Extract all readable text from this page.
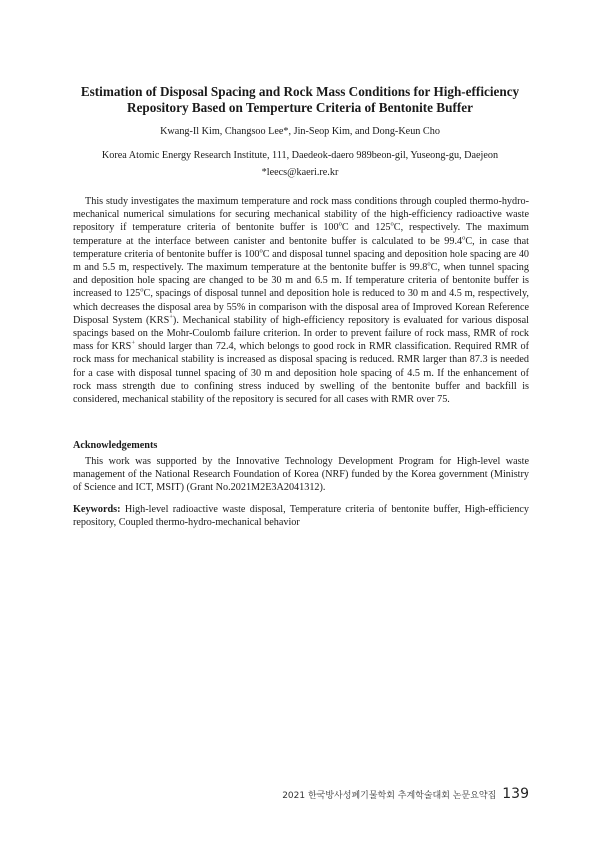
Estimation of Disposal Spacing and Rock Mass Conditions for High-efficiency
Repository Based on Temperture Criteria of Bentonite Buffer
Kwang-Il Kim, Changsoo Lee*, Jin-Seop Kim, and Dong-Keun Cho
Korea Atomic Energy Research Institute, 111, Daedeok-daero 989beon-gil, Yuseong-gu, Daejeon
*leecs@kaeri.re.kr
This study investigates the maximum temperature and rock mass conditions through coupled thermo-hydro-mechanical numerical simulations for securing mechanical stability of the high-efficiency radioactive waste repository if temperature criteria of bentonite buffer is 100$^o$C and 125$^o$C, respectively. The maximum temperature at the interface between canister and bentonite buffer is calculated to be 99.4$^o$C, in case that temperature criteria of bentonite buffer is 100$^o$C and disposal tunnel spacing and deposition hole spacing are 40 m and 5.5 m, respectively. The maximum temperature at the bentonite buffer is 99.8$^o$C, when tunnel spacing and deposition hole spacing are changed to be 30 m and 6.5 m. If temperature criteria of bentonite buffer is increased to 125$^o$C, spacings of disposal tunnel and deposition hole is reduced to 30 m and 4.5 m, respectively, which decreases the disposal area by 55% in comparison with the disposal area of Improved Korean Reference Disposal System (KRS+). Mechanical stability of high-efficiency repository is evaluated for various disposal spacings based on the Mohr-Coulomb failure criterion. In order to prevent failure of rock mass, RMR of rock mass for KRS+ should larger than 72.4, which belongs to good rock in RMR classification. Required RMR of rock mass for mechanical stability is increased as disposal spacing is reduced. RMR larger than 87.3 is needed for a case with disposal tunnel spacing of 30 m and deposition hole spacing of 4.5 m. If the enhancement of rock mass strength due to confining stress induced by swelling of the bentonite buffer and backfill is considered, mechanical stability of the repository is secured for all cases with RMR over 75.
Acknowledgements
This work was supported by the Innovative Technology Development Program for High-level waste management of the National Research Foundation of Korea (NRF) funded by the Korea government (Ministry of Science and ICT, MSIT) (Grant No.2021M2E3A2041312).
Keywords: High-level radioactive waste disposal, Temperature criteria of bentonite buffer, High-efficiency repository, Coupled thermo-hydro-mechanical behavior
2021 한국방사성폐기물학회 추계학술대회 논문요약집 139
